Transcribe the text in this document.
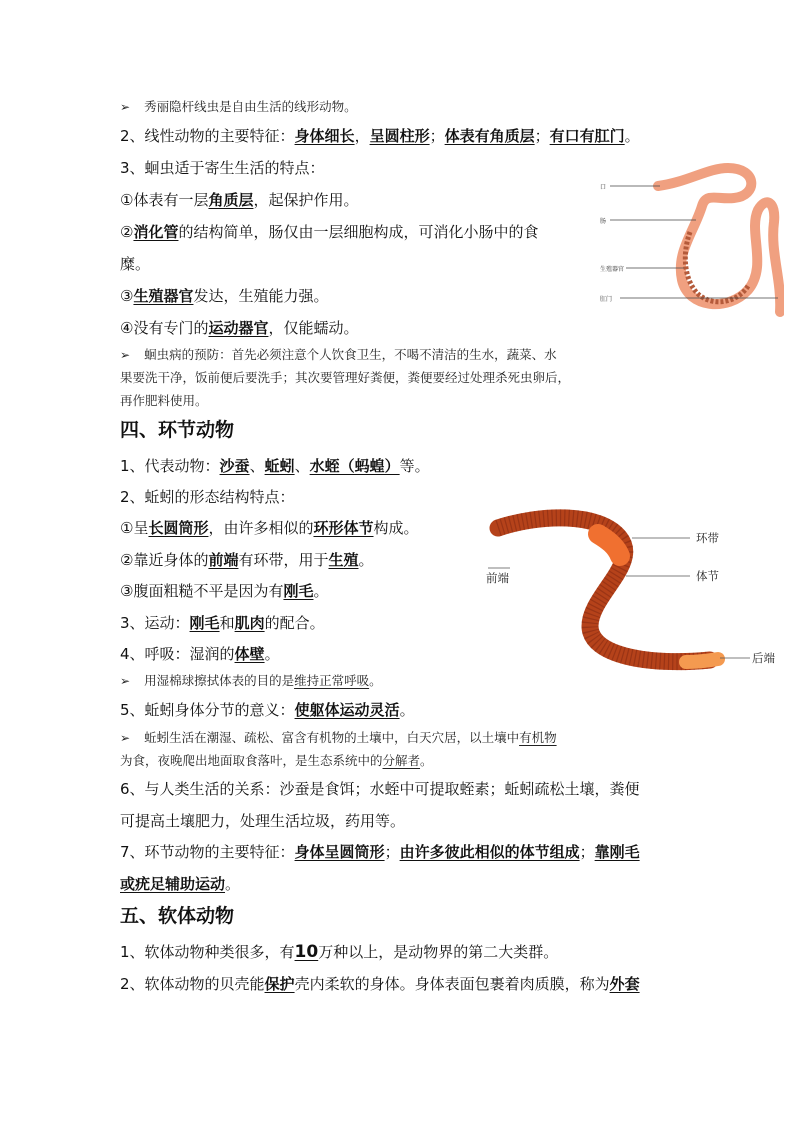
➢ 秀丽隐杆线虫是自由生活的线形动物。
2、线性动物的主要特征：身体细长，呈圆柱形；体表有角质层；有口有肛门。
3、蛔虫适于寄生生活的特点：
①体表有一层角质层，起保护作用。
②消化管的结构简单，肠仅由一层细胞构成，可消化小肠中的食
糜。
③生殖器官发达，生殖能力强。
④没有专门的运动器官，仅能蠕动。
➢ 蛔虫病的预防：首先必须注意个人饮食卫生，不喝不清洁的生水，蔬菜、水
果要洗干净，饭前便后要洗手；其次要管理好粪便，粪便要经过处理杀死虫卵后，
再作肥料使用。
口
肠
生殖器官
肛门
四、环节动物
1、代表动物：沙蚕、蚯蚓、水蛭（蚂蝗）等。
2、蚯蚓的形态结构特点：
①呈长圆筒形，由许多相似的环形体节构成。
②靠近身体的前端有环带，用于生殖。
③腹面粗糙不平是因为有刚毛。
3、运动：刚毛和肌肉的配合。
4、呼吸：湿润的体壁。
➢ 用湿棉球擦拭体表的目的是维持正常呼吸。
5、蚯蚓身体分节的意义：使躯体运动灵活。
➢ 蚯蚓生活在潮湿、疏松、富含有机物的土壤中，白天穴居，以土壤中有机物
为食，夜晚爬出地面取食落叶，是生态系统中的分解者。
6、与人类生活的关系：沙蚕是食饵；水蛭中可提取蛭素；蚯蚓疏松土壤，粪便
可提高土壤肥力，处理生活垃圾，药用等。
7、环节动物的主要特征：身体呈圆筒形；由许多彼此相似的体节组成；靠刚毛
或疣足辅助运动。
环带
体节
前端
后端
五、软体动物
1、软体动物种类很多，有10万种以上，是动物界的第二大类群。
2、软体动物的贝壳能保护壳内柔软的身体。身体表面包裹着肉质膜，称为外套
